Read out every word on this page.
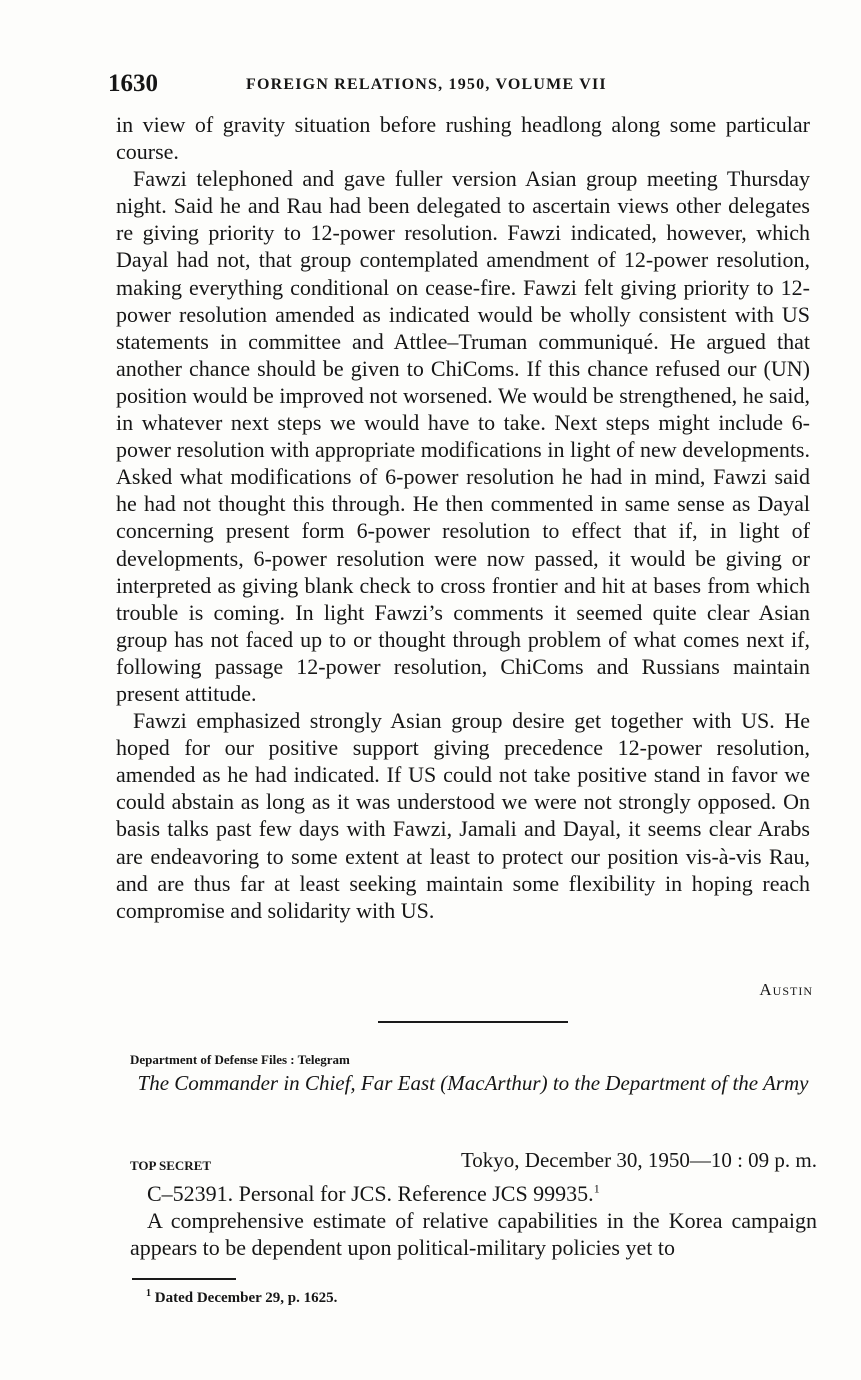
1630	FOREIGN RELATIONS, 1950, VOLUME VII

in view of gravity situation before rushing headlong along some particular course.

Fawzi telephoned and gave fuller version Asian group meeting Thursday night. Said he and Rau had been delegated to ascertain views other delegates re giving priority to 12-power resolution. Fawzi indicated, however, which Dayal had not, that group contemplated amendment of 12-power resolution, making everything conditional on cease-fire. Fawzi felt giving priority to 12-power resolution amended as indicated would be wholly consistent with US statements in committee and Attlee–Truman communiqué. He argued that another chance should be given to ChiComs. If this chance refused our (UN) position would be improved not worsened. We would be strengthened, he said, in whatever next steps we would have to take. Next steps might include 6-power resolution with appropriate modifications in light of new developments. Asked what modifications of 6-power resolution he had in mind, Fawzi said he had not thought this through. He then commented in same sense as Dayal concerning present form 6-power resolution to effect that if, in light of developments, 6-power resolution were now passed, it would be giving or interpreted as giving blank check to cross frontier and hit at bases from which trouble is coming. In light Fawzi’s comments it seemed quite clear Asian group has not faced up to or thought through problem of what comes next if, following passage 12-power resolution, ChiComs and Russians maintain present attitude.

Fawzi emphasized strongly Asian group desire get together with US. He hoped for our positive support giving precedence 12-power resolution, amended as he had indicated. If US could not take positive stand in favor we could abstain as long as it was understood we were not strongly opposed. On basis talks past few days with Fawzi, Jamali and Dayal, it seems clear Arabs are endeavoring to some extent at least to protect our position vis-à-vis Rau, and are thus far at least seeking maintain some flexibility in hoping reach compromise and solidarity with US.

Austin
Department of Defense Files : Telegram
The Commander in Chief, Far East (MacArthur) to the Department of the Army
TOP SECRET	Tokyo, December 30, 1950—10 : 09 p. m.

C–52391. Personal for JCS. Reference JCS 99935.$^1$

A comprehensive estimate of relative capabilities in the Korea campaign appears to be dependent upon political-military policies yet to

$^1$ Dated December 29, p. 1625.
